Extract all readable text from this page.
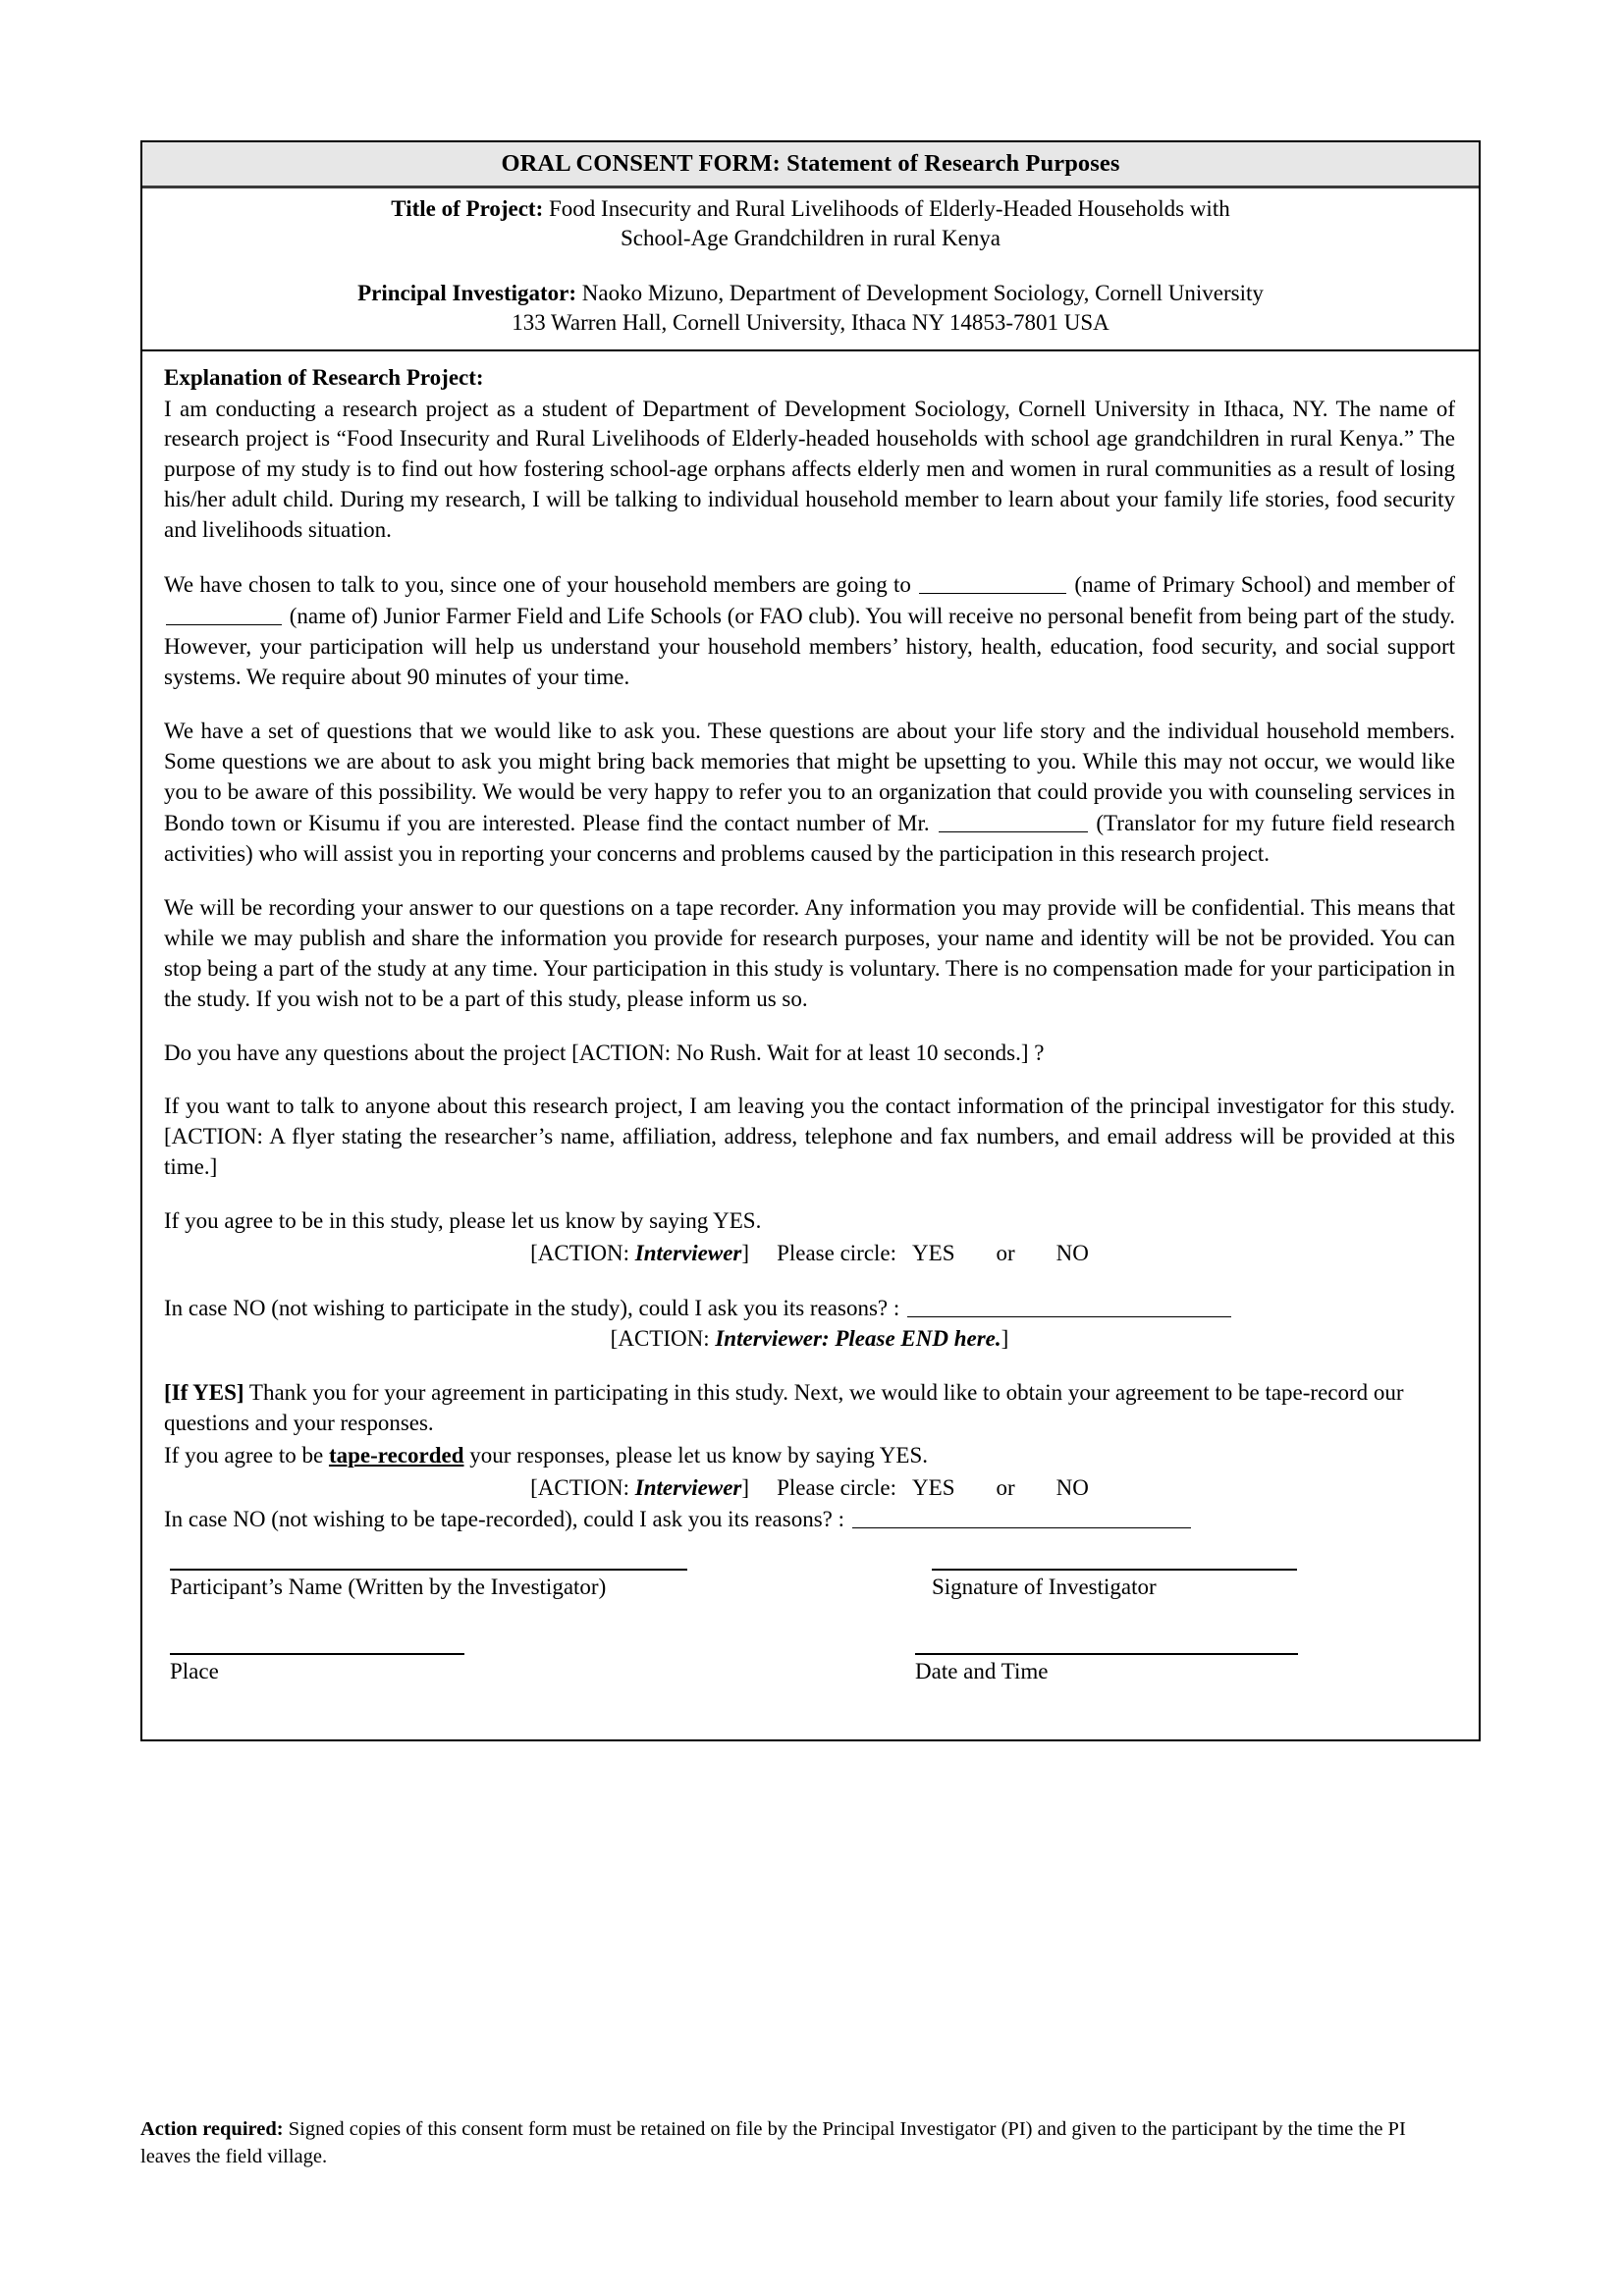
ORAL CONSENT FORM: Statement of Research Purposes
Title of Project: Food Insecurity and Rural Livelihoods of Elderly-Headed Households with
School-Age Grandchildren in rural Kenya
Principal Investigator: Naoko Mizuno, Department of Development Sociology, Cornell University
133 Warren Hall, Cornell University, Ithaca NY 14853-7801 USA

Explanation of Research Project:

I am conducting a research project as a student of Department of Development Sociology, Cornell University in Ithaca, NY. The name of research project is “Food Insecurity and Rural Livelihoods of Elderly-headed households with school age grandchildren in rural Kenya.” The purpose of my study is to find out how fostering school-age orphans affects elderly men and women in rural communities as a result of losing his/her adult child. During my research, I will be talking to individual household member to learn about your family life stories, food security and livelihoods situation.

We have chosen to talk to you, since one of your household members are going to	(name of Primary School) and member of  (name of) Junior Farmer Field and Life Schools (or FAO club). You will receive no personal benefit from being part of the study. However, your participation will help us understand your household members’ history, health, education, food security, and social support systems. We require about 90 minutes of your time.

We have a set of questions that we would like to ask you. These questions are about your life story and the individual household members. Some questions we are about to ask you might bring back memories that might be upsetting to you. While this may not occur, we would like you to be aware of this possibility. We would be very happy to refer you to an organization that could provide you with counseling services in Bondo town or Kisumu if you are interested. Please find the contact number of Mr.	(Translator for my future field research activities) who will assist you in reporting your concerns and problems caused by the participation in this research project.

We will be recording your answer to our questions on a tape recorder. Any information you may provide will be confidential. This means that while we may publish and share the information you provide for research purposes, your name and identity will be not be provided. You can stop being a part of the study at any time. Your participation in this study is voluntary. There is no compensation made for your participation in the study. If you wish not to be a part of this study, please inform us so.

Do you have any questions about the project [ACTION: No Rush. Wait for at least 10 seconds.] ?

If you want to talk to anyone about this research project, I am leaving you the contact information of the principal investigator for this study. [ACTION: A flyer stating the researcher’s name, affiliation, address, telephone and fax numbers, and email address will be provided at this time.]

If you agree to be in this study, please let us know by saying YES.

[ACTION: Interviewer] Please circle: YES or NO

In case NO (not wishing to participate in the study), could I ask you its reasons? :

[ACTION: Interviewer: Please END here.]

[If YES] Thank you for your agreement in participating in this study. Next, we would like to obtain your agreement to be tape-record our questions and your responses.

If you agree to be tape-recorded your responses, please let us know by saying YES.

[ACTION: Interviewer] Please circle: YES or NO

In case NO (not wishing to be tape-recorded), could I ask you its reasons? :

Participant’s Name (Written by the Investigator)	Signature of Investigator
Place	Date and Time
Action required: Signed copies of this consent form must be retained on file by the Principal Investigator (PI) and given to the participant by the time the PI leaves the field village.
